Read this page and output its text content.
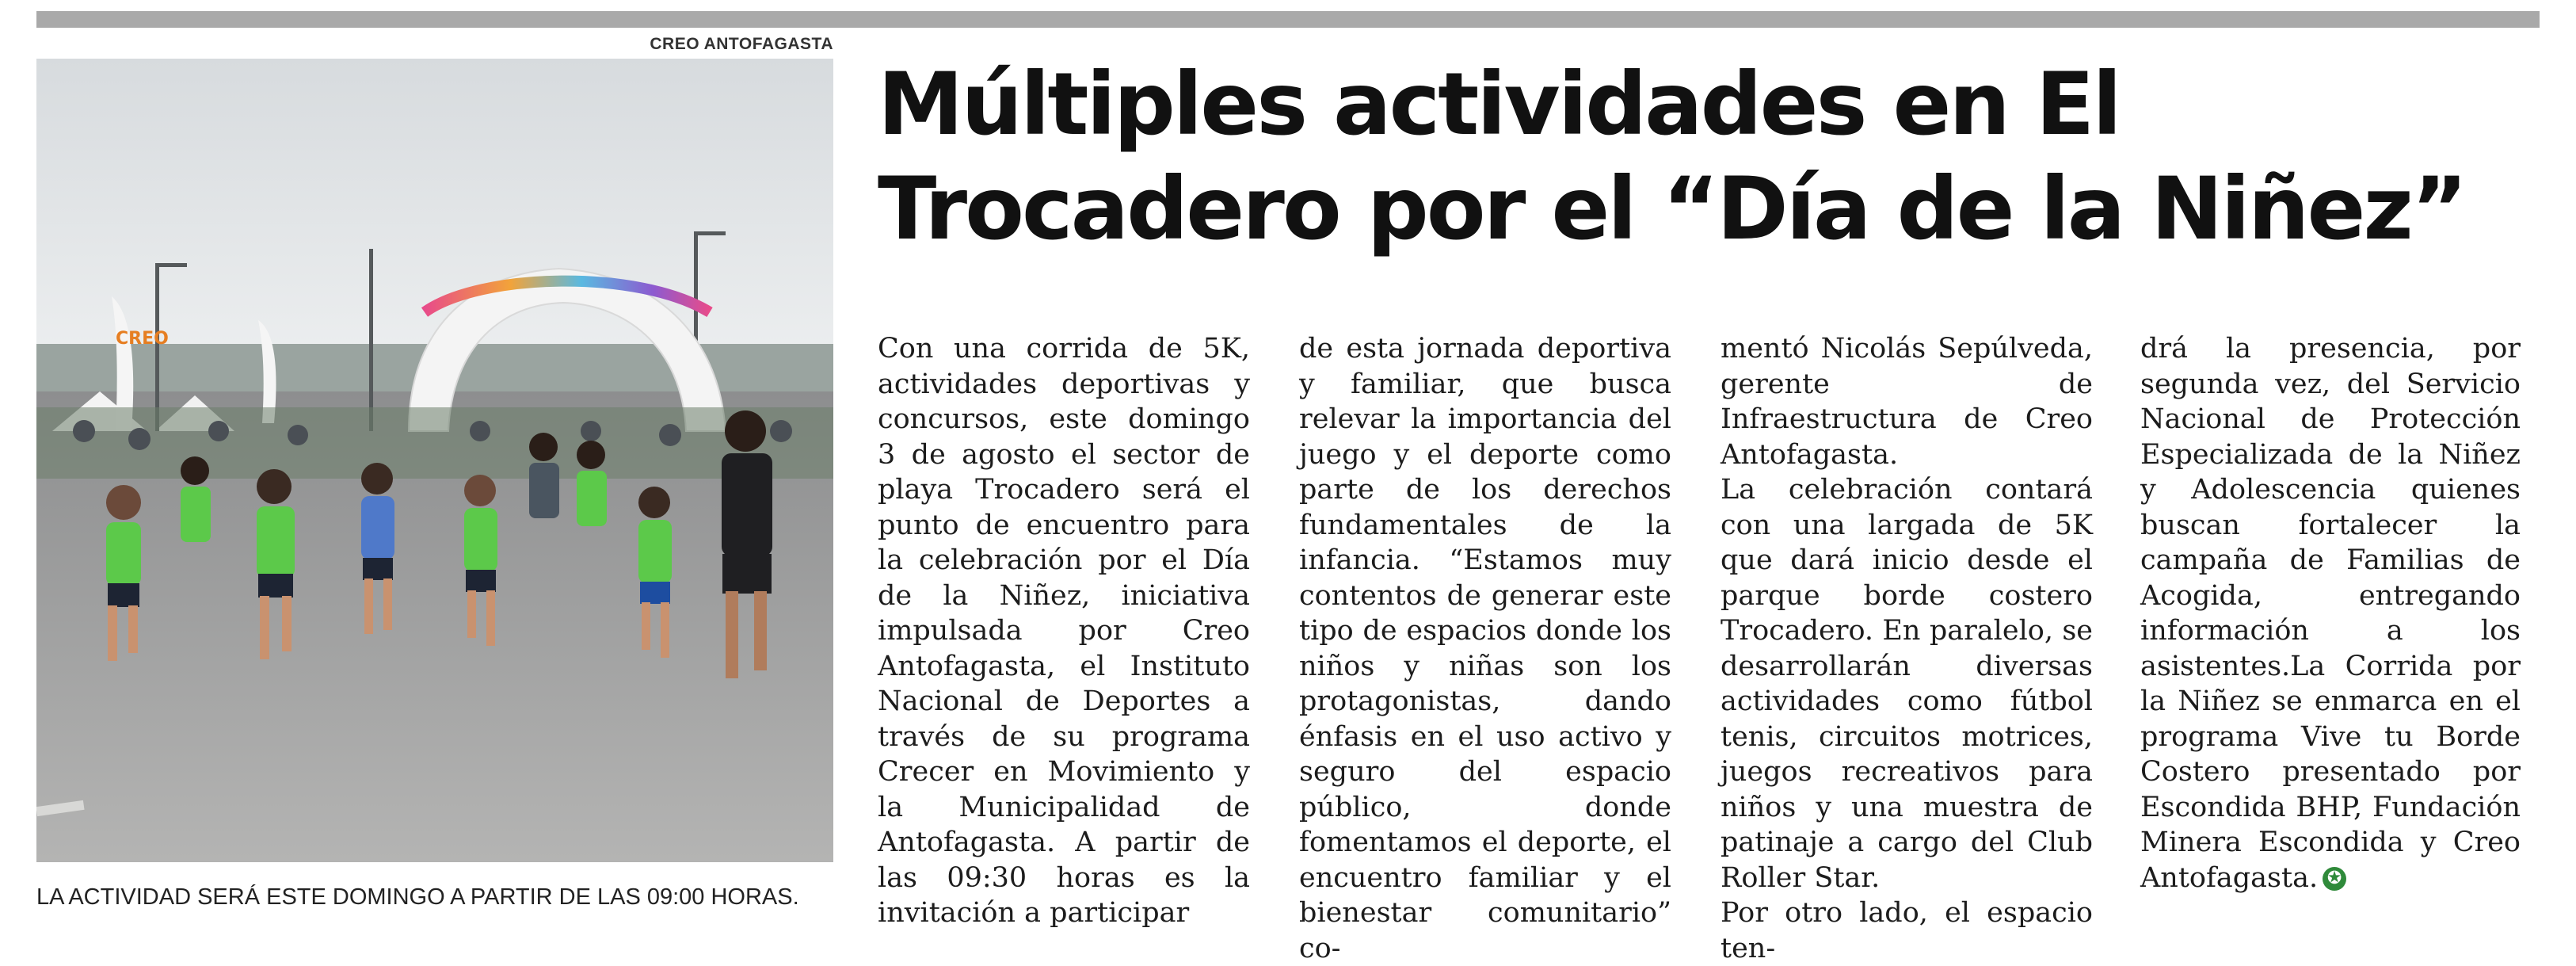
CREO ANTOFAGASTA
CREO
LA ACTIVIDAD SERÁ ESTE DOMINGO A PARTIR DE LAS 09:00 HORAS.
Múltiples actividades en El
Trocadero por el “Día de la Niñez”

Con una corrida de 5K, actividades deportivas y concursos, este domingo 3 de agosto el sector de playa Trocadero será el punto de encuentro para la celebración por el Día de la Niñez, iniciativa impulsada por Creo Antofagasta, el Instituto Nacional de Deportes a través de su programa Crecer en Movimiento y la Municipalidad de Antofagasta. A partir de las 09:30 horas es la invitación a participar

de esta jornada deportiva y familiar, que busca relevar la importancia del juego y el deporte como parte de los derechos fundamentales de la infancia. “Estamos muy contentos de generar este tipo de espacios donde los niños y niñas son los protagonistas, dando énfasis en el uso activo y seguro del espacio público, donde fomentamos el deporte, el encuentro familiar y el bienestar comunitario” co-

mentó Nicolás Sepúlveda, gerente de Infraestructura de Creo Antofagasta.

La celebración contará con una largada de 5K que dará inicio desde el parque borde costero Trocadero. En paralelo, se desarrollarán diversas actividades como fútbol tenis, circuitos motrices, juegos recreativos para niños y una muestra de patinaje a cargo del Club Roller Star.

Por otro lado, el espacio ten-

drá la presencia, por segunda vez, del Servicio Nacional de Protección Especializada de la Niñez y Adolescencia quienes buscan fortalecer la campaña de Familias de Acogida, entregando información a los asistentes.La Corrida por la Niñez se enmarca en el programa Vive tu Borde Costero presentado por Escondida BHP, Fundación Minera Escondida y Creo Antofagasta. ✪
